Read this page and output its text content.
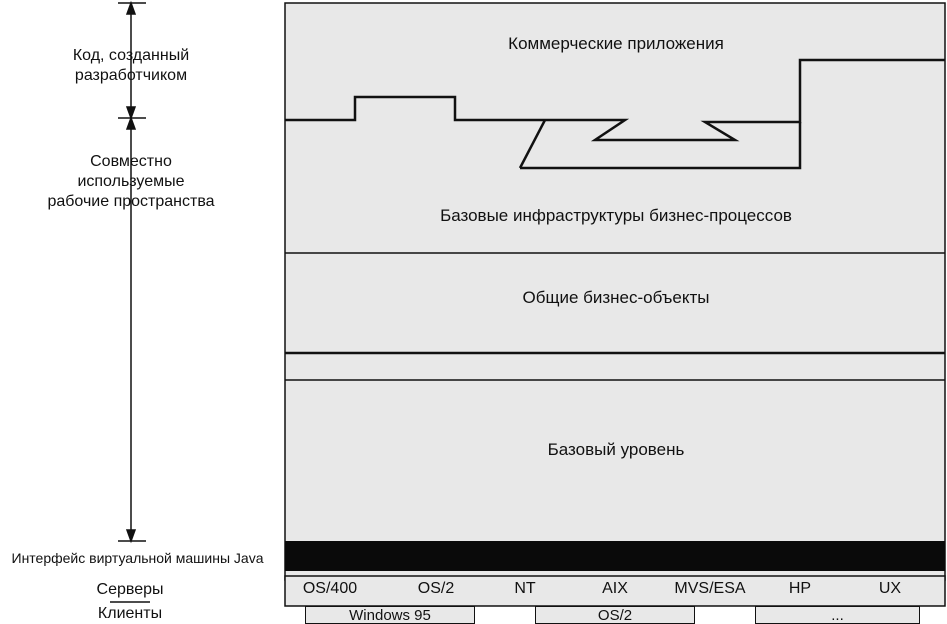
Код, созданный
разработчиком
Совместно
используемые
рабочие пространства
Интерфейс виртуальной машины Java
Серверы
Коммерческие приложения
Базовые инфраструктуры бизнес-процессов
Общие бизнес-объекты
Базовый уровень
OS/400	OS/2	NT	AIX	MVS/ESA	HP	UX
Клиенты	Windows 95	OS/2	...
